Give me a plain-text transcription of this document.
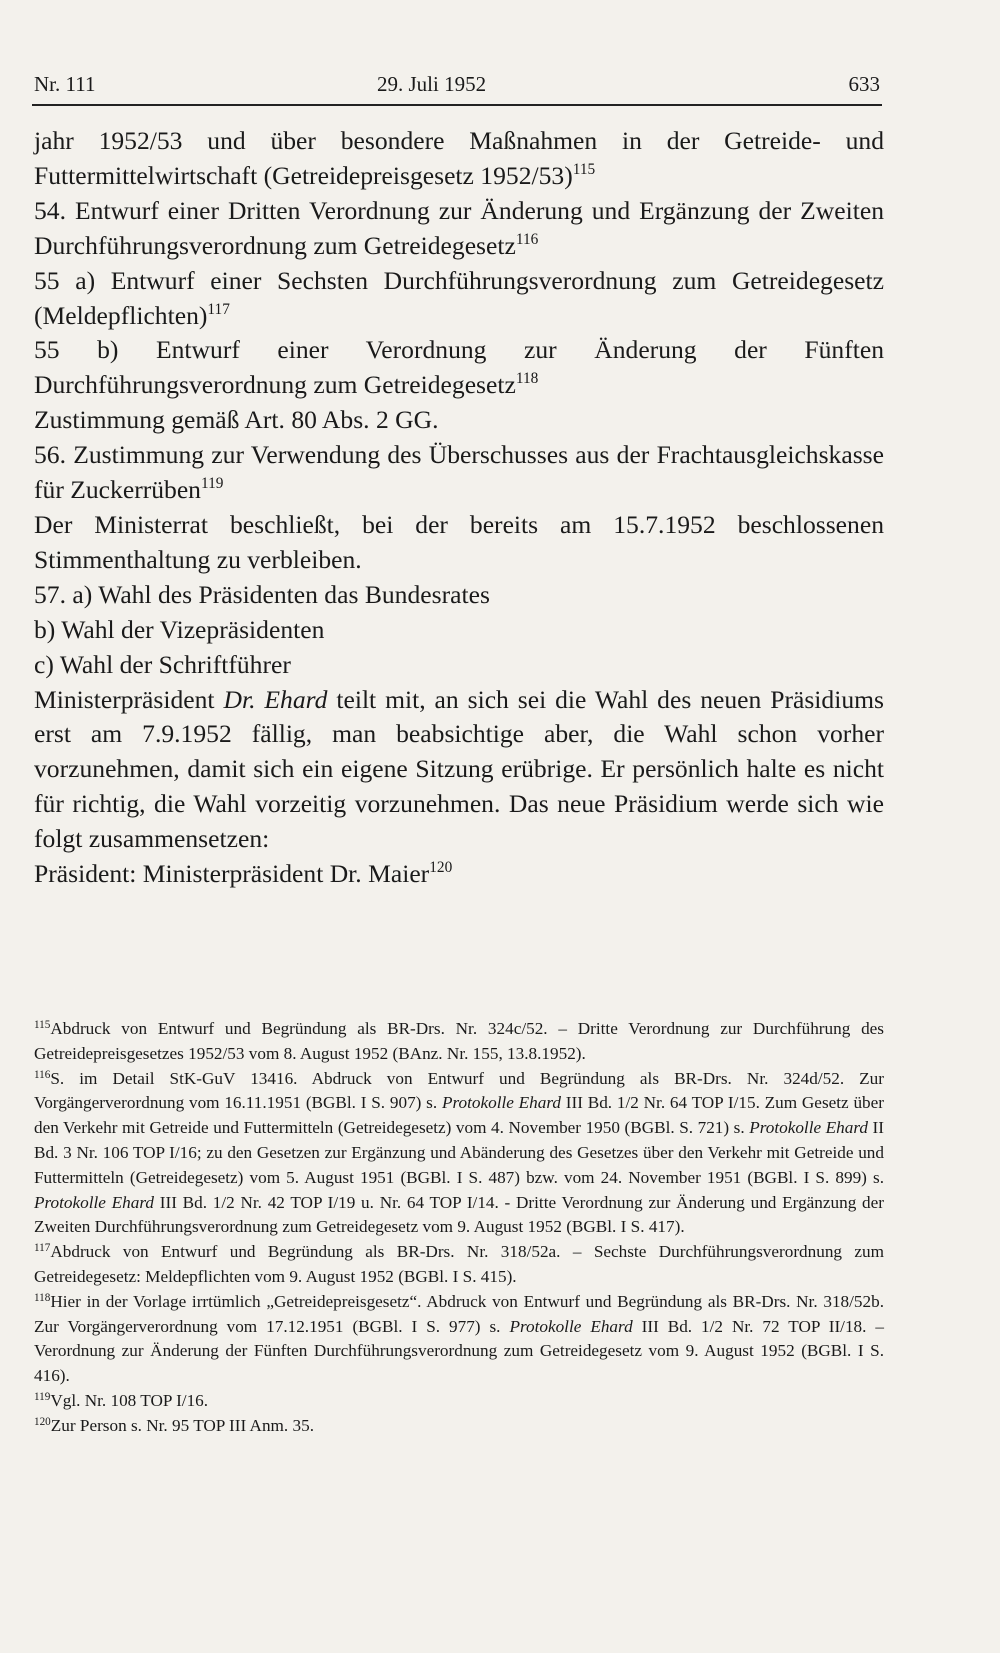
Nr. 111	29. Juli 1952	633

jahr 1952/53 und über besondere Maßnahmen in der Getreide- und Futtermittelwirtschaft (Getreidepreisgesetz 1952/53)$^{115}$

54. Entwurf einer Dritten Verordnung zur Änderung und Ergänzung der Zweiten Durchführungsverordnung zum Getreidegesetz$^{116}$

55 a) Entwurf einer Sechsten Durchführungsverordnung zum Getreidegesetz (Meldepflichten)$^{117}$

55 b) Entwurf einer Verordnung zur Änderung der Fünften Durchführungsverordnung zum Getreidegesetz$^{118}$

Zustimmung gemäß Art. 80 Abs. 2 GG.

56. Zustimmung zur Verwendung des Überschusses aus der Frachtausgleichskasse für Zuckerrüben$^{119}$

Der Ministerrat beschließt, bei der bereits am 15.7.1952 beschlossenen Stimmenthaltung zu verbleiben.

57. a) Wahl des Präsidenten das Bundesrates

b) Wahl der Vizepräsidenten

c) Wahl der Schriftführer

Ministerpräsident Dr. Ehard teilt mit, an sich sei die Wahl des neuen Präsidiums erst am 7.9.1952 fällig, man beabsichtige aber, die Wahl schon vorher vorzunehmen, damit sich ein eigene Sitzung erübrige. Er persönlich halte es nicht für richtig, die Wahl vorzeitig vorzunehmen. Das neue Präsidium werde sich wie folgt zusammensetzen:

Präsident: Ministerpräsident Dr. Maier$^{120}$

$^{115}$Abdruck von Entwurf und Begründung als BR-Drs. Nr. 324c/52. – Dritte Verordnung zur Durchführung des Getreidepreisgesetzes 1952/53 vom 8. August 1952 (BAnz. Nr. 155, 13.8.1952).

$^{116}$S. im Detail StK-GuV 13416. Abdruck von Entwurf und Begründung als BR-Drs. Nr. 324d/52. Zur Vorgängerverordnung vom 16.11.1951 (BGBl. I S. 907) s. Protokolle Ehard III Bd. 1/2 Nr. 64 TOP I/15. Zum Gesetz über den Verkehr mit Getreide und Futtermitteln (Getreidegesetz) vom 4. November 1950 (BGBl. S. 721) s. Protokolle Ehard II Bd. 3 Nr. 106 TOP I/16; zu den Gesetzen zur Ergänzung und Abänderung des Gesetzes über den Verkehr mit Getreide und Futtermitteln (Getreidegesetz) vom 5. August 1951 (BGBl. I S. 487) bzw. vom 24. November 1951 (BGBl. I S. 899) s. Protokolle Ehard III Bd. 1/2 Nr. 42 TOP I/19 u. Nr. 64 TOP I/14. - Dritte Verordnung zur Änderung und Ergänzung der Zweiten Durchführungsverordnung zum Getreidegesetz vom 9. August 1952 (BGBl. I S. 417).

$^{117}$Abdruck von Entwurf und Begründung als BR-Drs. Nr. 318/52a. – Sechste Durchführungsverordnung zum Getreidegesetz: Meldepflichten vom 9. August 1952 (BGBl. I S. 415).

$^{118}$Hier in der Vorlage irrtümlich „Getreidepreisgesetz“. Abdruck von Entwurf und Begründung als BR-Drs. Nr. 318/52b. Zur Vorgängerverordnung vom 17.12.1951 (BGBl. I S. 977) s. Protokolle Ehard III Bd. 1/2 Nr. 72 TOP II/18. – Verordnung zur Änderung der Fünften Durchführungsverordnung zum Getreidegesetz vom 9. August 1952 (BGBl. I S. 416).

$^{119}$Vgl. Nr. 108 TOP I/16.

$^{120}$Zur Person s. Nr. 95 TOP III Anm. 35.
